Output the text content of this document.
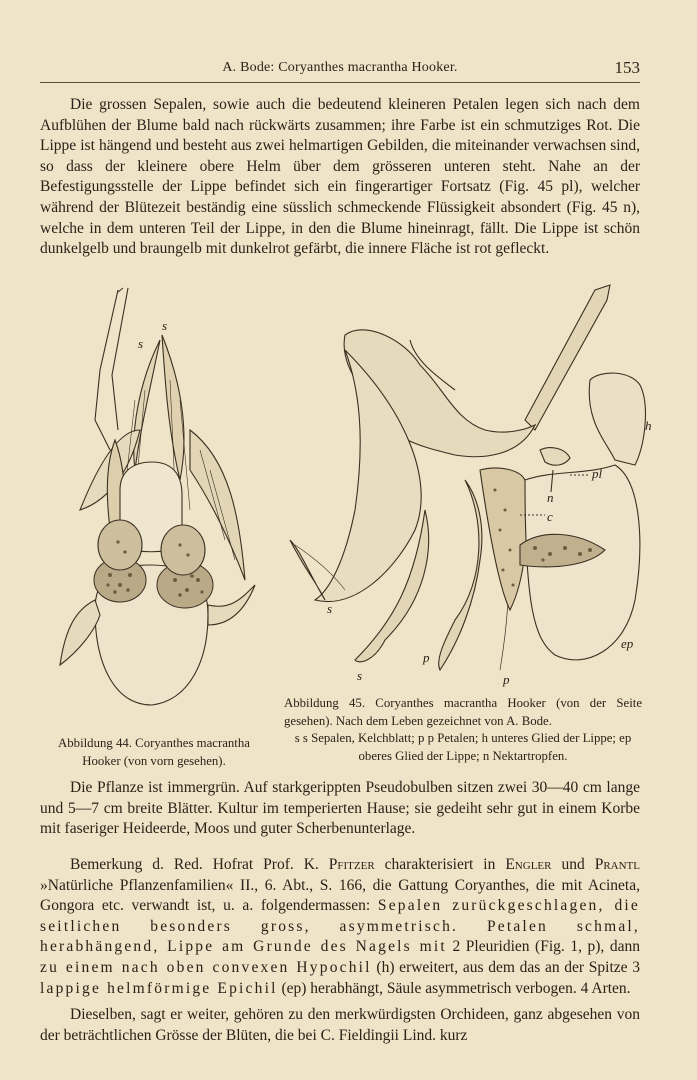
A. Bode: Coryanthes macrantha Hooker.	153

Die grossen Sepalen, sowie auch die bedeutend kleineren Petalen legen sich nach dem Aufblühen der Blume bald nach rückwärts zusammen; ihre Farbe ist ein schmutziges Rot. Die Lippe ist hängend und besteht aus zwei helmartigen Gebilden, die miteinander verwachsen sind, so dass der kleinere obere Helm über dem grösseren unteren steht. Nahe an der Befestigungsstelle der Lippe befindet sich ein fingerartiger Fortsatz (Fig. 45 pl), welcher während der Blütezeit beständig eine süsslich schmeckende Flüssigkeit absondert (Fig. 45 n), welche in dem unteren Teil der Lippe, in den die Blume hineinragt, fällt. Die Lippe ist schön dunkelgelb und braungelb mit dunkelrot gefärbt, die innere Fläche ist rot gefleckt.

s
s
h
pl
n
c
s
s
p
p
ep
Abbildung 44. Coryanthes macrantha
Hooker (von vorn gesehen).
Abbildung 45. Coryanthes macrantha Hooker (von der Seite gesehen). Nach dem Leben gezeichnet von A. Bode.
s s Sepalen, Kelchblatt; p p Petalen; h unteres Glied der Lippe; ep oberes Glied der Lippe; n Nektartropfen.

Die Pflanze ist immergrün. Auf starkgerippten Pseudobulben sitzen zwei 30—40 cm lange und 5—7 cm breite Blätter. Kultur im temperierten Hause; sie gedeiht sehr gut in einem Korbe mit faseriger Heideerde, Moos und guter Scherbenunterlage.

Bemerkung d. Red. Hofrat Prof. K. Pfitzer charakterisiert in Engler und Prantl »Natürliche Pflanzenfamilien« II., 6. Abt., S. 166, die Gattung Coryanthes, die mit Acineta, Gongora etc. verwandt ist, u. a. folgendermassen: Sepalen zurückgeschlagen, die seitlichen besonders gross, asymmetrisch. Petalen schmal, herabhängend, Lippe am Grunde des Nagels mit 2 Pleuridien (Fig. 1, p), dann zu einem nach oben convexen Hypochil (h) erweitert, aus dem das an der Spitze 3 lappige helmförmige Epichil (ep) herabhängt, Säule asymmetrisch verbogen. 4 Arten.

Dieselben, sagt er weiter, gehören zu den merkwürdigsten Orchideen, ganz abgesehen von der beträchtlichen Grösse der Blüten, die bei C. Fieldingii Lind. kurz
